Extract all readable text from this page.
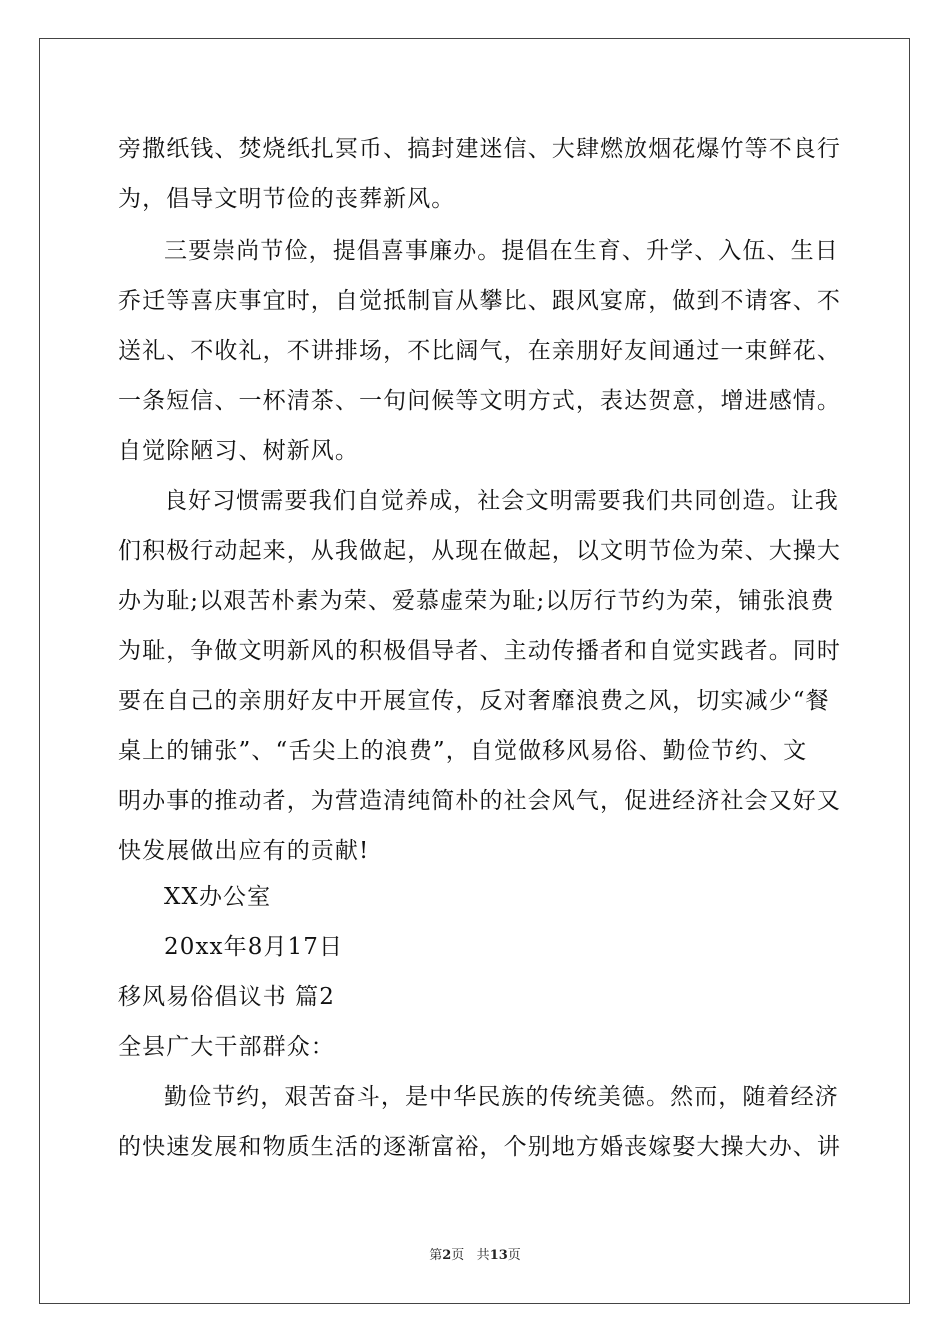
旁撒纸钱、焚烧纸扎冥币、搞封建迷信、大肆燃放烟花爆竹等不良行
为，倡导文明节俭的丧葬新风。
三要崇尚节俭，提倡喜事廉办。提倡在生育、升学、入伍、生日
乔迁等喜庆事宜时，自觉抵制盲从攀比、跟风宴席，做到不请客、不
送礼、不收礼，不讲排场，不比阔气，在亲朋好友间通过一束鲜花、
一条短信、一杯清茶、一句问候等文明方式，表达贺意，增进感情。
自觉除陋习、树新风。
良好习惯需要我们自觉养成，社会文明需要我们共同创造。让我
们积极行动起来，从我做起，从现在做起，以文明节俭为荣、大操大
办为耻;以艰苦朴素为荣、爱慕虚荣为耻;以厉行节约为荣，铺张浪费
为耻，争做文明新风的积极倡导者、主动传播者和自觉实践者。同时
要在自己的亲朋好友中开展宣传，反对奢靡浪费之风，切实减少“餐
桌上的铺张”、“舌尖上的浪费”，自觉做移风易俗、勤俭节约、文
明办事的推动者，为营造清纯简朴的社会风气，促进经济社会又好又
快发展做出应有的贡献!
XX办公室
20xx年8月17日
移风易俗倡议书 篇2
全县广大干部群众：
勤俭节约，艰苦奋斗，是中华民族的传统美德。然而，随着经济
的快速发展和物质生活的逐渐富裕，个别地方婚丧嫁娶大操大办、讲
第2页 共13页
